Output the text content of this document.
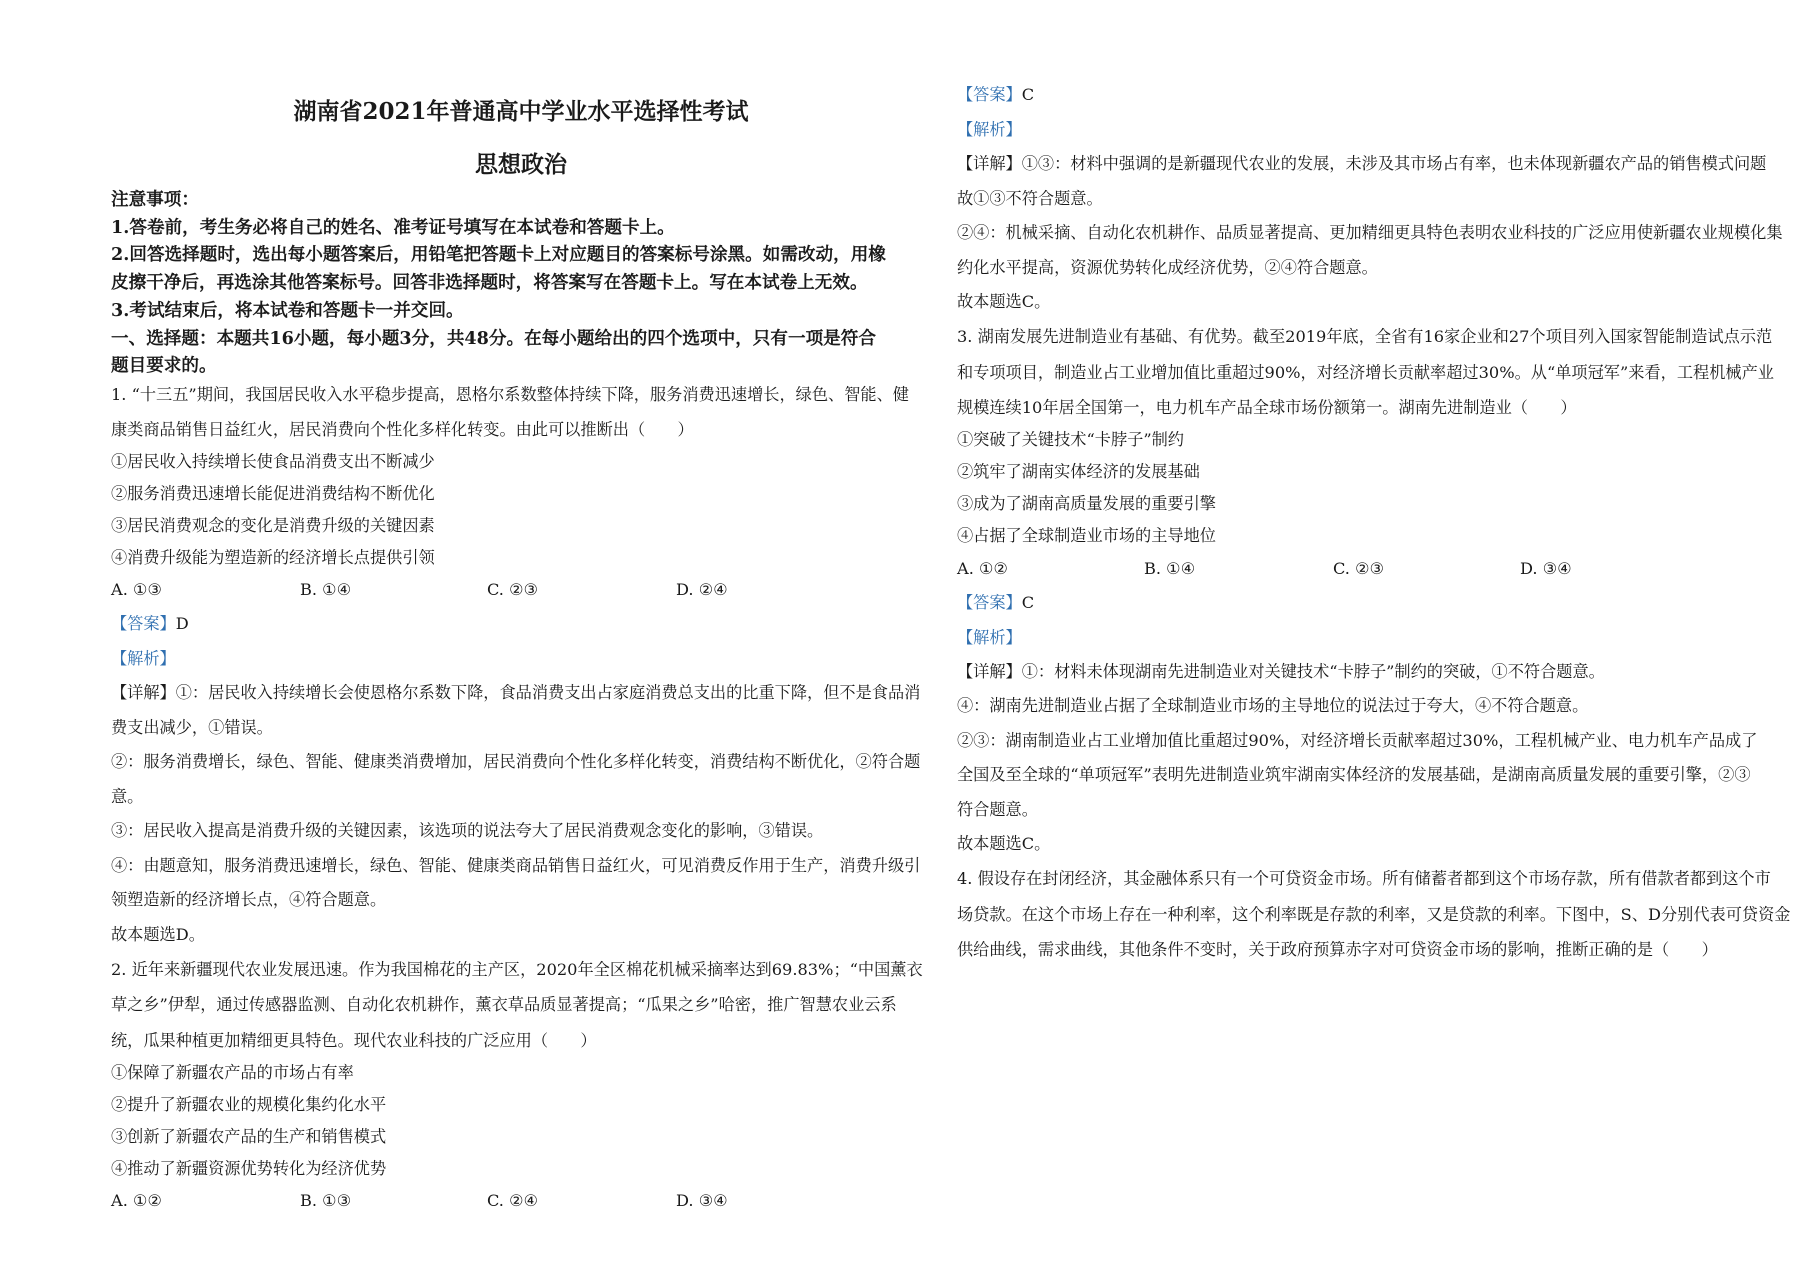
湖南省2021年普通高中学业水平选择性考试
思想政治
注意事项：
1.答卷前，考生务必将自己的姓名、准考证号填写在本试卷和答题卡上。
2.回答选择题时，选出每小题答案后，用铅笔把答题卡上对应题目的答案标号涂黑。如需改动，用橡
皮擦干净后，再选涂其他答案标号。回答非选择题时，将答案写在答题卡上。写在本试卷上无效。
3.考试结束后，将本试卷和答题卡一并交回。
一、选择题：本题共16小题，每小题3分，共48分。在每小题给出的四个选项中，只有一项是符合
题目要求的。
1. “十三五”期间，我国居民收入水平稳步提高，恩格尔系数整体持续下降，服务消费迅速增长，绿色、智能、健
康类商品销售日益红火，居民消费向个性化多样化转变。由此可以推断出（　　）
①居民收入持续增长使食品消费支出不断减少
②服务消费迅速增长能促进消费结构不断优化
③居民消费观念的变化是消费升级的关键因素
④消费升级能为塑造新的经济增长点提供引领
A. ①③	B. ①④	C. ②③	D. ②④
【答案】D
【解析】
【详解】①：居民收入持续增长会使恩格尔系数下降，食品消费支出占家庭消费总支出的比重下降，但不是食品消
费支出减少，①错误。
②：服务消费增长，绿色、智能、健康类消费增加，居民消费向个性化多样化转变，消费结构不断优化，②符合题
意。
③：居民收入提高是消费升级的关键因素，该选项的说法夸大了居民消费观念变化的影响，③错误。
④：由题意知，服务消费迅速增长，绿色、智能、健康类商品销售日益红火，可见消费反作用于生产，消费升级引
领塑造新的经济增长点，④符合题意。
故本题选D。
2. 近年来新疆现代农业发展迅速。作为我国棉花的主产区，2020年全区棉花机械采摘率达到69.83%；“中国薰衣
草之乡”伊犁，通过传感器监测、自动化农机耕作，薰衣草品质显著提高；“瓜果之乡”哈密，推广智慧农业云系
统，瓜果种植更加精细更具特色。现代农业科技的广泛应用（　　）
①保障了新疆农产品的市场占有率
②提升了新疆农业的规模化集约化水平
③创新了新疆农产品的生产和销售模式
④推动了新疆资源优势转化为经济优势
A. ①②	B. ①③	C. ②④	D. ③④
【答案】C
【解析】
【详解】①③：材料中强调的是新疆现代农业的发展，未涉及其市场占有率，也未体现新疆农产品的销售模式问题
故①③不符合题意。
②④：机械采摘、自动化农机耕作、品质显著提高、更加精细更具特色表明农业科技的广泛应用使新疆农业规模化集
约化水平提高，资源优势转化成经济优势，②④符合题意。
故本题选C。
3. 湖南发展先进制造业有基础、有优势。截至2019年底，全省有16家企业和27个项目列入国家智能制造试点示范
和专项项目，制造业占工业增加值比重超过90%，对经济增长贡献率超过30%。从“单项冠军”来看，工程机械产业
规模连续10年居全国第一，电力机车产品全球市场份额第一。湖南先进制造业（　　）
①突破了关键技术“卡脖子”制约
②筑牢了湖南实体经济的发展基础
③成为了湖南高质量发展的重要引擎
④占据了全球制造业市场的主导地位
A. ①②	B. ①④	C. ②③	D. ③④
【答案】C
【解析】
【详解】①：材料未体现湖南先进制造业对关键技术“卡脖子”制约的突破，①不符合题意。
④：湖南先进制造业占据了全球制造业市场的主导地位的说法过于夸大，④不符合题意。
②③：湖南制造业占工业增加值比重超过90%，对经济增长贡献率超过30%，工程机械产业、电力机车产品成了
全国及至全球的“单项冠军”表明先进制造业筑牢湖南实体经济的发展基础，是湖南高质量发展的重要引擎，②③
符合题意。
故本题选C。
4. 假设存在封闭经济，其金融体系只有一个可贷资金市场。所有储蓄者都到这个市场存款，所有借款者都到这个市
场贷款。在这个市场上存在一种利率，这个利率既是存款的利率，又是贷款的利率。下图中，S、D分别代表可贷资金
供给曲线，需求曲线，其他条件不变时，关于政府预算赤字对可贷资金市场的影响，推断正确的是（　　）
